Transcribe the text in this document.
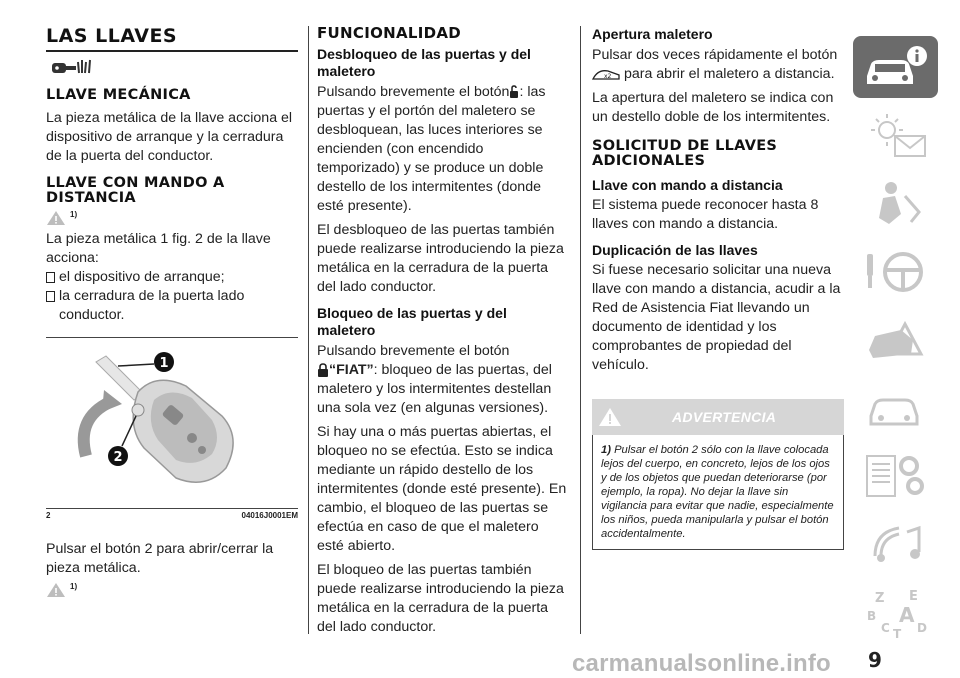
LAS LLAVES
LLAVE MECÁNICA

La pieza metálica de la llave acciona el dispositivo de arranque y la cerradura de la puerta del conductor.

LLAVE CON MANDO A
DISTANCIA
1)

La pieza metálica 1 fig. 2 de la llave acciona:

el dispositivo de arranque;
la cerradura de la puerta lado conductor.
1
2
2	04016J0001EM

Pulsar el botón 2 para abrir/cerrar la pieza metálica.

1)
FUNCIONALIDAD
Desbloqueo de las puertas y del maletero

Pulsando brevemente el botón : las puertas y el portón del maletero se desbloquean, las luces interiores se encienden (con encendido temporizado) y se produce un doble destello de los intermitentes (donde esté presente).

El desbloqueo de las puertas también puede realizarse introduciendo la pieza metálica en la cerradura de la puerta del lado conductor.

Bloqueo de las puertas y del maletero

Pulsando brevemente el botón
“FIAT”: bloqueo de las puertas, del maletero y los intermitentes destellan una sola vez (en algunas versiones).

Si hay una o más puertas abiertas, el bloqueo no se efectúa. Esto se indica mediante un rápido destello de los intermitentes (donde esté presente). En cambio, el bloqueo de las puertas se efectúa en caso de que el maletero esté abierto.

El bloqueo de las puertas también puede realizarse introduciendo la pieza metálica en la cerradura de la puerta del lado conductor.

Apertura maletero

Pulsar dos veces rápidamente el botón

x2 para abrir el maletero a distancia.

La apertura del maletero se indica con un destello doble de los intermitentes.

SOLICITUD DE LLAVES
ADICIONALES
Llave con mando a distancia

El sistema puede reconocer hasta 8 llaves con mando a distancia.

Duplicación de las llaves

Si fuese necesario solicitar una nueva llave con mando a distancia, acudir a la Red de Asistencia Fiat llevando un documento de identidad y los comprobantes de propiedad del vehículo.

ADVERTENCIA
1) Pulsar el botón 2 sólo con la llave colocada lejos del cuerpo, en concreto, lejos de los ojos y de los objetos que puedan deteriorarse (por ejemplo, la ropa). No dejar la llave sin vigilancia para evitar que nadie, especialmente los niños, pueda manipularla y pulsar el botón accidentalmente.
Z E
B A
C T D
carmanualsonline.info 9
